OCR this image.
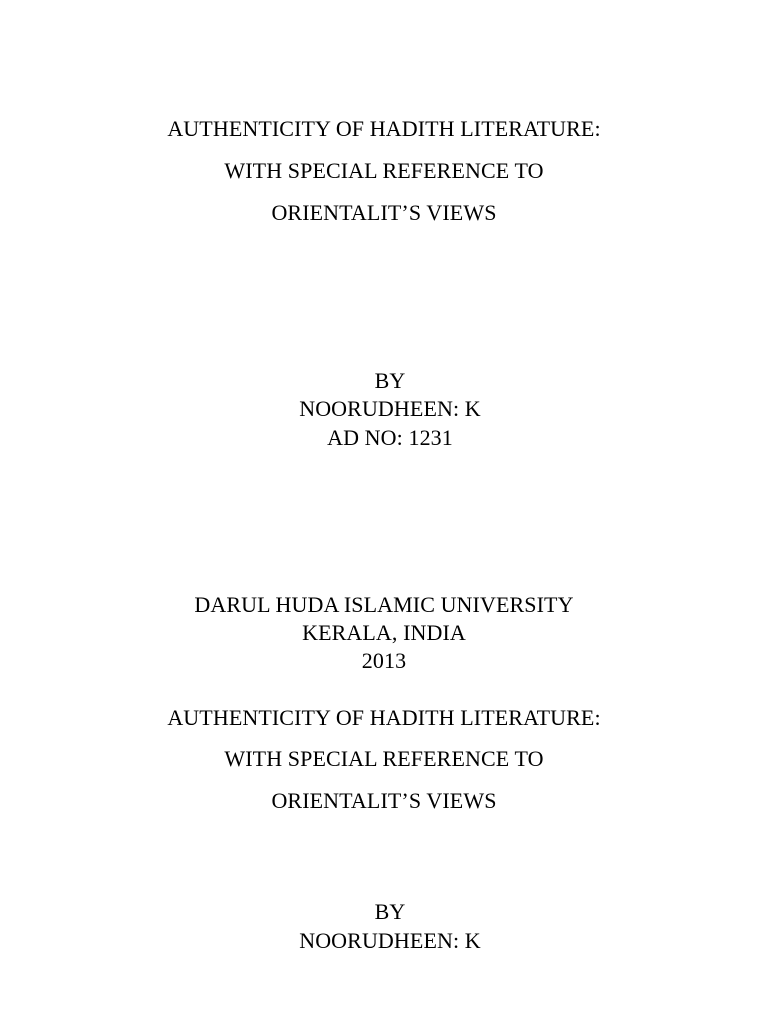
AUTHENTICITY OF HADITH LITERATURE:
WITH SPECIAL REFERENCE TO
ORIENTALIT’S VIEWS
BY
NOORUDHEEN: K
AD NO: 1231
DARUL HUDA ISLAMIC UNIVERSITY
KERALA, INDIA
2013
AUTHENTICITY OF HADITH LITERATURE:
WITH SPECIAL REFERENCE TO
ORIENTALIT’S VIEWS
BY
NOORUDHEEN: K
